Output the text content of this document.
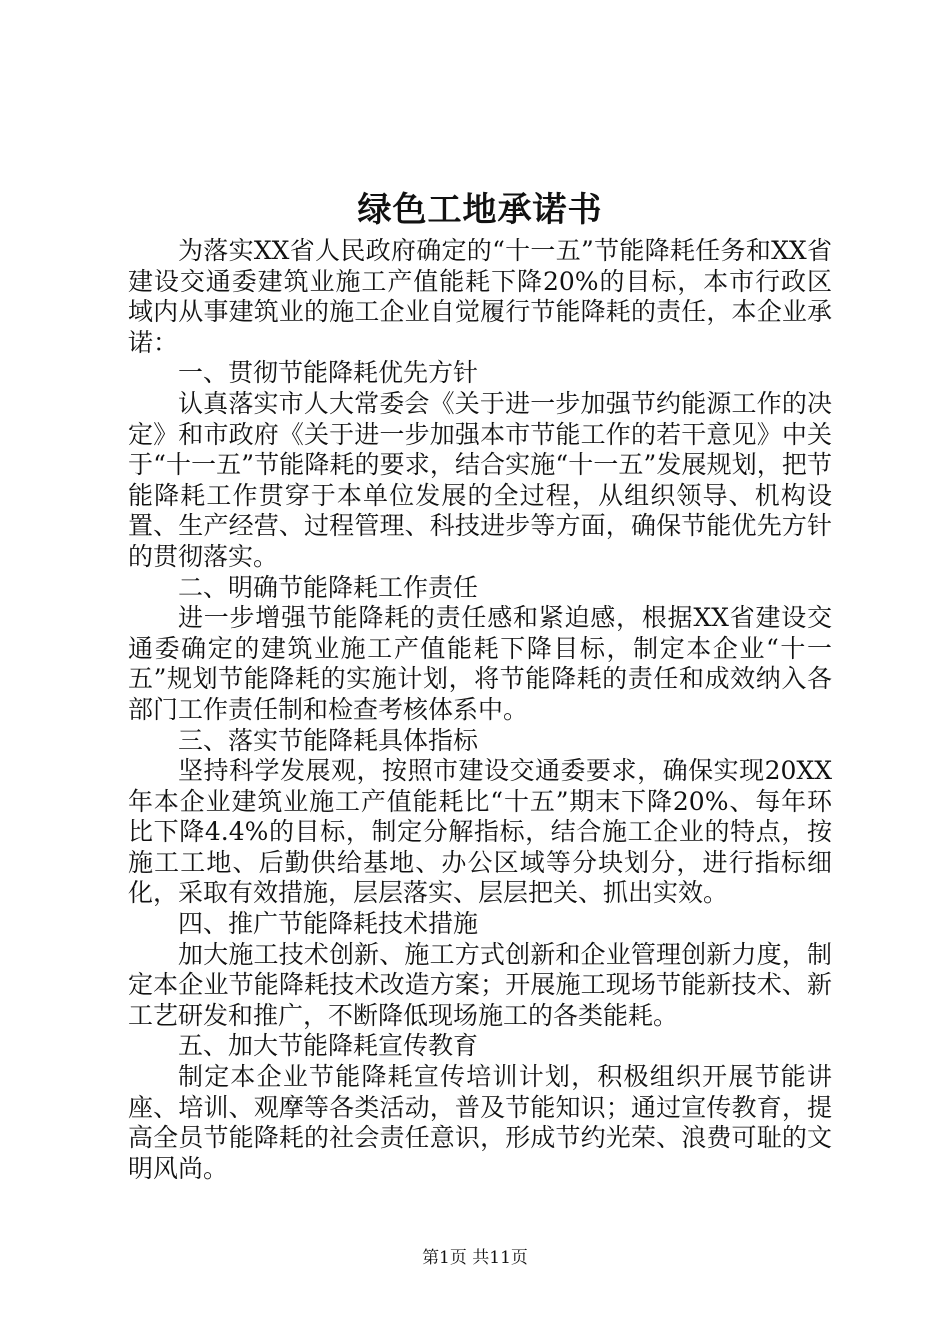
绿色工地承诺书

为落实XX省人民政府确定的“十一五”节能降耗任务和XX省建设交通委建筑业施工产值能耗下降20%的目标，本市行政区域内从事建筑业的施工企业自觉履行节能降耗的责任，本企业承诺：

一、贯彻节能降耗优先方针

认真落实市人大常委会《关于进一步加强节约能源工作的决定》和市政府《关于进一步加强本市节能工作的若干意见》中关于“十一五”节能降耗的要求，结合实施“十一五”发展规划，把节能降耗工作贯穿于本单位发展的全过程，从组织领导、机构设置、生产经营、过程管理、科技进步等方面，确保节能优先方针的贯彻落实。

二、明确节能降耗工作责任

进一步增强节能降耗的责任感和紧迫感，根据XX省建设交通委确定的建筑业施工产值能耗下降目标，制定本企业“十一五”规划节能降耗的实施计划，将节能降耗的责任和成效纳入各部门工作责任制和检查考核体系中。

三、落实节能降耗具体指标

坚持科学发展观，按照市建设交通委要求，确保实现20XX年本企业建筑业施工产值能耗比“十五”期末下降20%、每年环比下降4.4%的目标，制定分解指标，结合施工企业的特点，按施工工地、后勤供给基地、办公区域等分块划分，进行指标细化，采取有效措施，层层落实、层层把关、抓出实效。

四、推广节能降耗技术措施

加大施工技术创新、施工方式创新和企业管理创新力度，制定本企业节能降耗技术改造方案；开展施工现场节能新技术、新工艺研发和推广，不断降低现场施工的各类能耗。

五、加大节能降耗宣传教育

制定本企业节能降耗宣传培训计划，积极组织开展节能讲座、培训、观摩等各类活动，普及节能知识；通过宣传教育，提高全员节能降耗的社会责任意识，形成节约光荣、浪费可耻的文明风尚。

第1页 共11页
